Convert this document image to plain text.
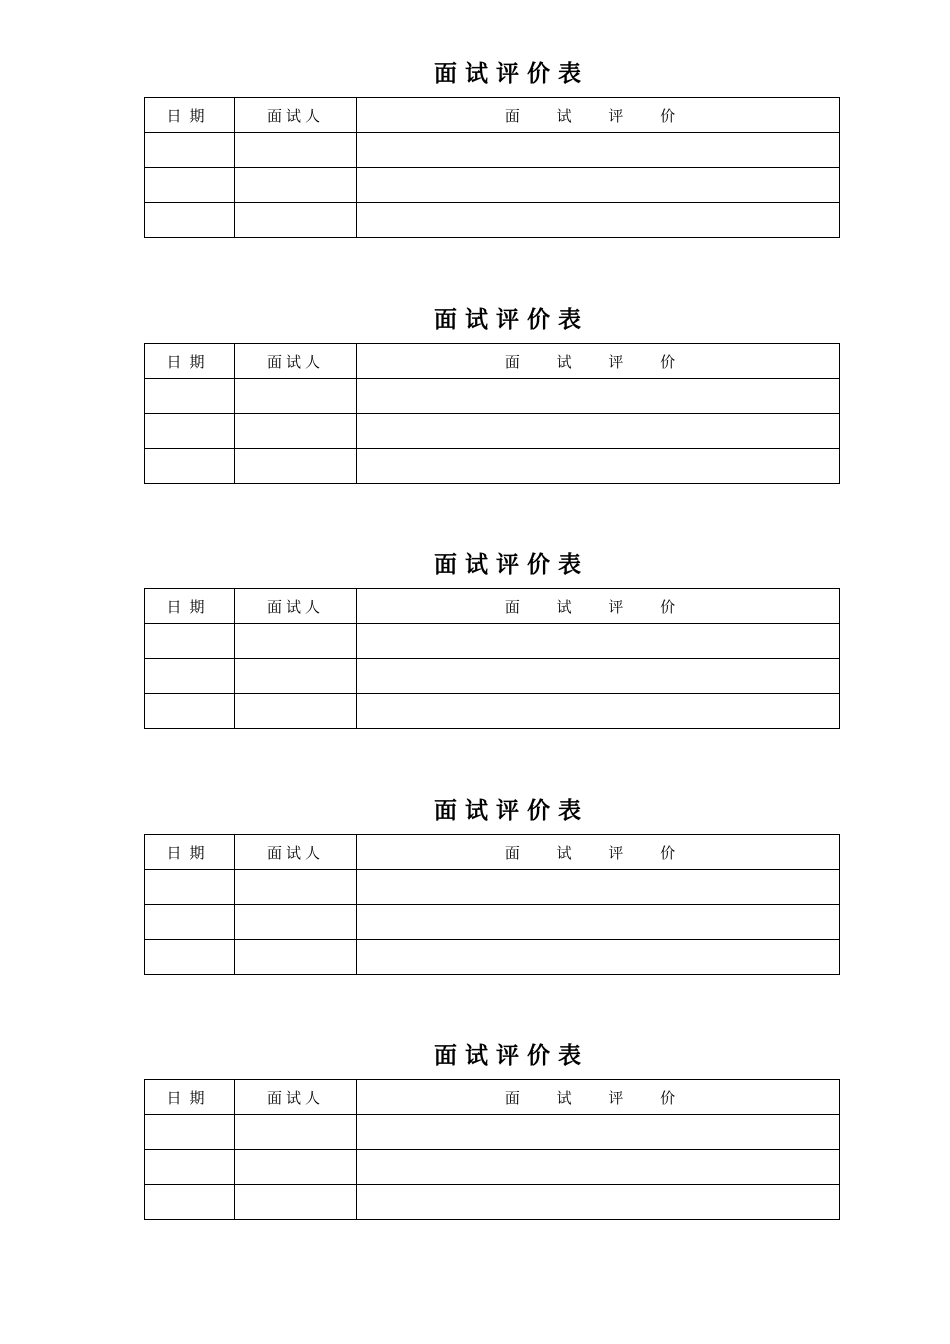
面试评价表
日期	面试人	面 试 评 价

面试评价表
日期	面试人	面 试 评 价

面试评价表
日期	面试人	面 试 评 价

面试评价表
日期	面试人	面 试 评 价

面试评价表
日期	面试人	面 试 评 价
